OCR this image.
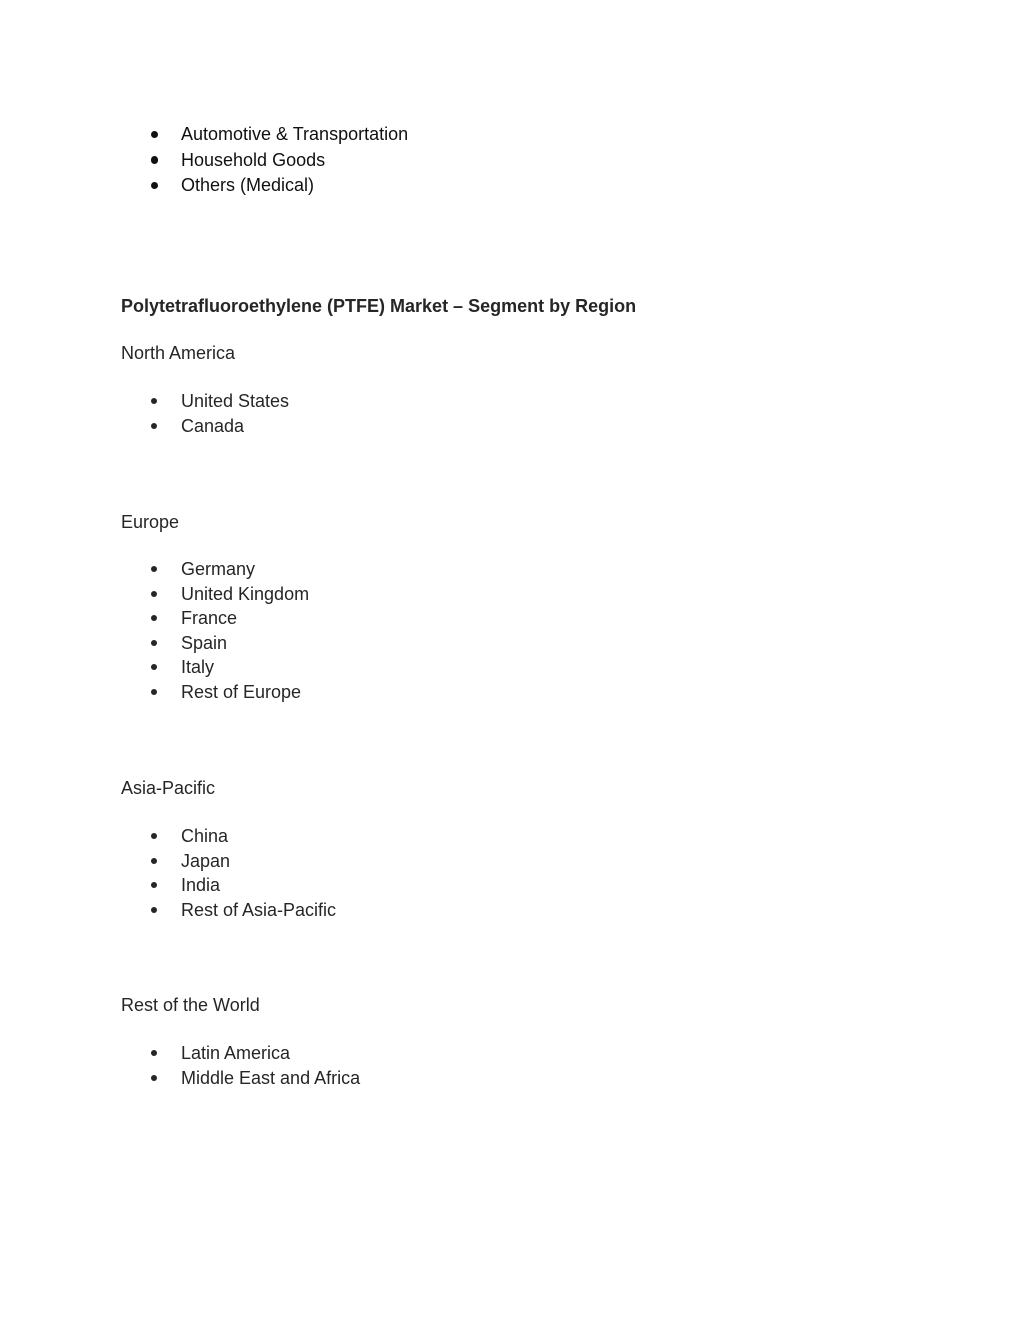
Automotive & Transportation
Household Goods
Others (Medical)
Polytetrafluoroethylene (PTFE) Market – Segment by Region
North America
United States
Canada
Europe
Germany
United Kingdom
France
Spain
Italy
Rest of Europe
Asia-Pacific
China
Japan
India
Rest of Asia-Pacific
Rest of the World
Latin America
Middle East and Africa
